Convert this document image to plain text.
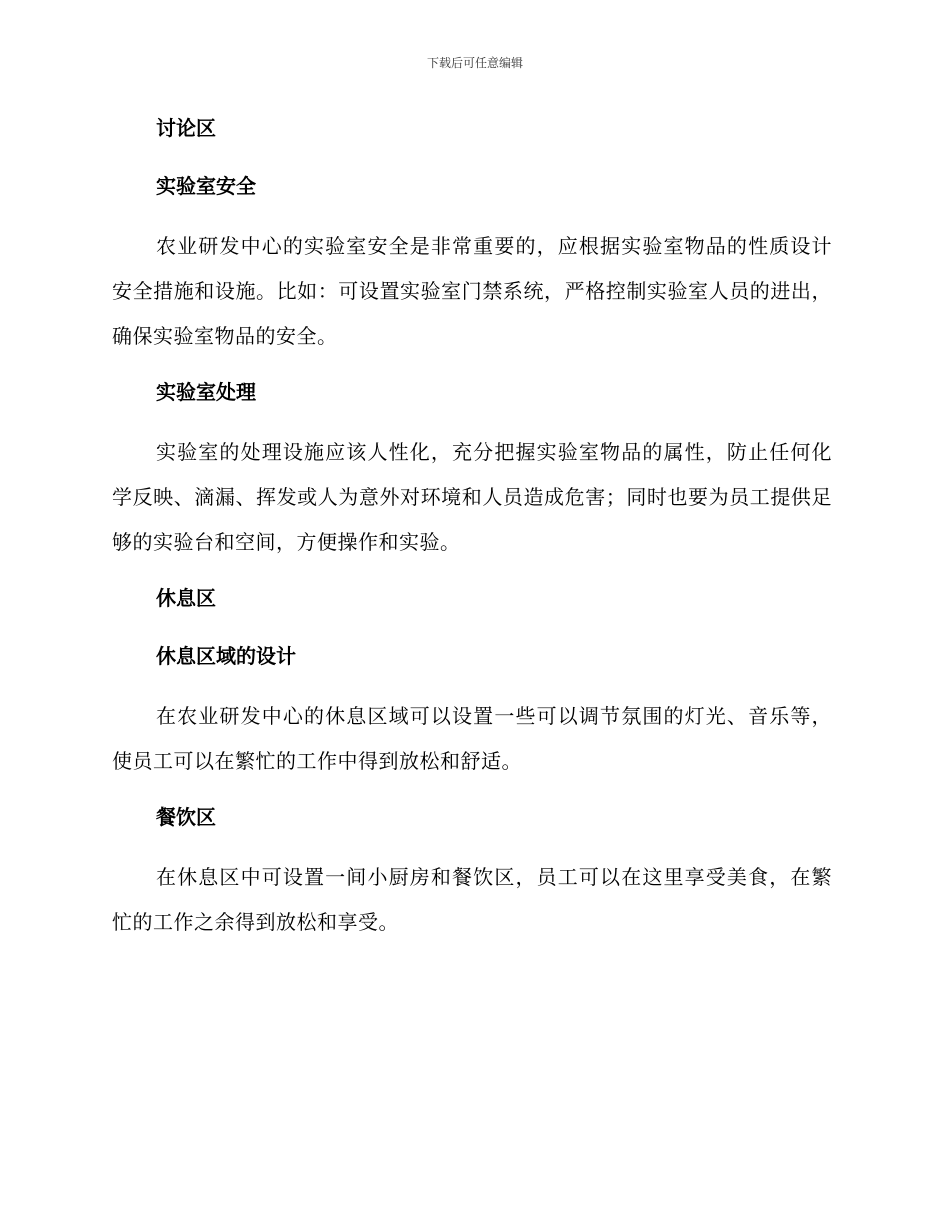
下载后可任意编辑
讨论区
实验室安全
农业研发中心的实验室安全是非常重要的，应根据实验室物品的性质设计安全措施和设施。比如：可设置实验室门禁系统，严格控制实验室人员的进出，确保实验室物品的安全。
实验室处理
实验室的处理设施应该人性化，充分把握实验室物品的属性，防止任何化学反映、滴漏、挥发或人为意外对环境和人员造成危害；同时也要为员工提供足够的实验台和空间，方便操作和实验。
休息区
休息区域的设计
在农业研发中心的休息区域可以设置一些可以调节氛围的灯光、音乐等，使员工可以在繁忙的工作中得到放松和舒适。
餐饮区
在休息区中可设置一间小厨房和餐饮区，员工可以在这里享受美食，在繁忙的工作之余得到放松和享受。
